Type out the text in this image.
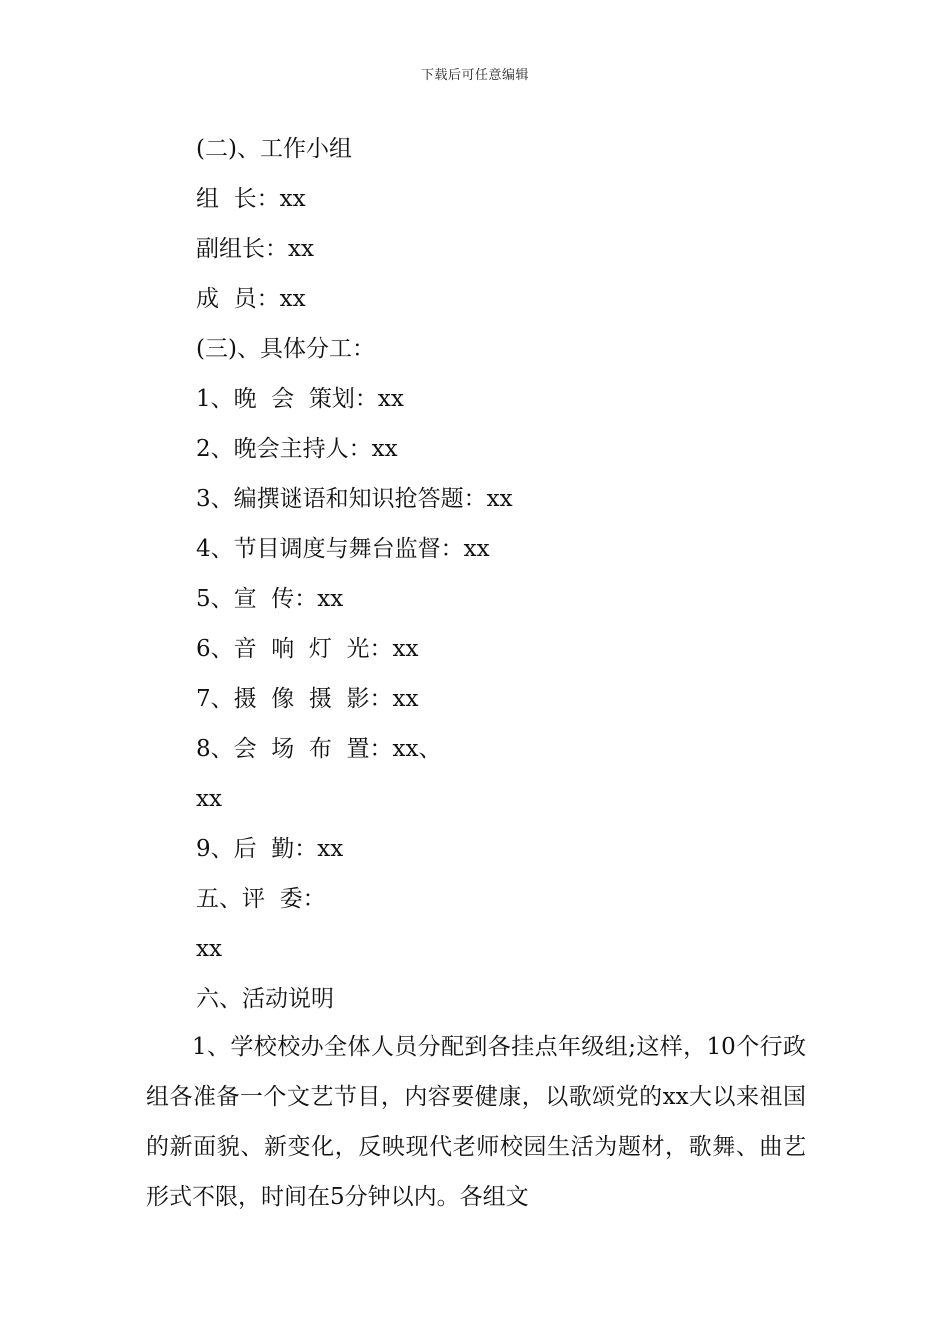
下载后可任意编辑
(二)、工作小组
组  长：xx
副组长：xx
成  员：xx
(三)、具体分工：
1、晚  会  策划：xx
2、晚会主持人：xx
3、编撰谜语和知识抢答题：xx
4、节目调度与舞台监督：xx
5、宣  传：xx
6、音  响  灯  光：xx
7、摄  像  摄  影：xx
8、会  场  布  置：xx、
xx
9、后  勤：xx
五、评  委：
xx
六、活动说明
1、学校校办全体人员分配到各挂点年级组;这样，10个行政组各准备一个文艺节目，内容要健康，以歌颂党的xx大以来祖国的新面貌、新变化，反映现代老师校园生活为题材，歌舞、曲艺形式不限，时间在5分钟以内。各组文
